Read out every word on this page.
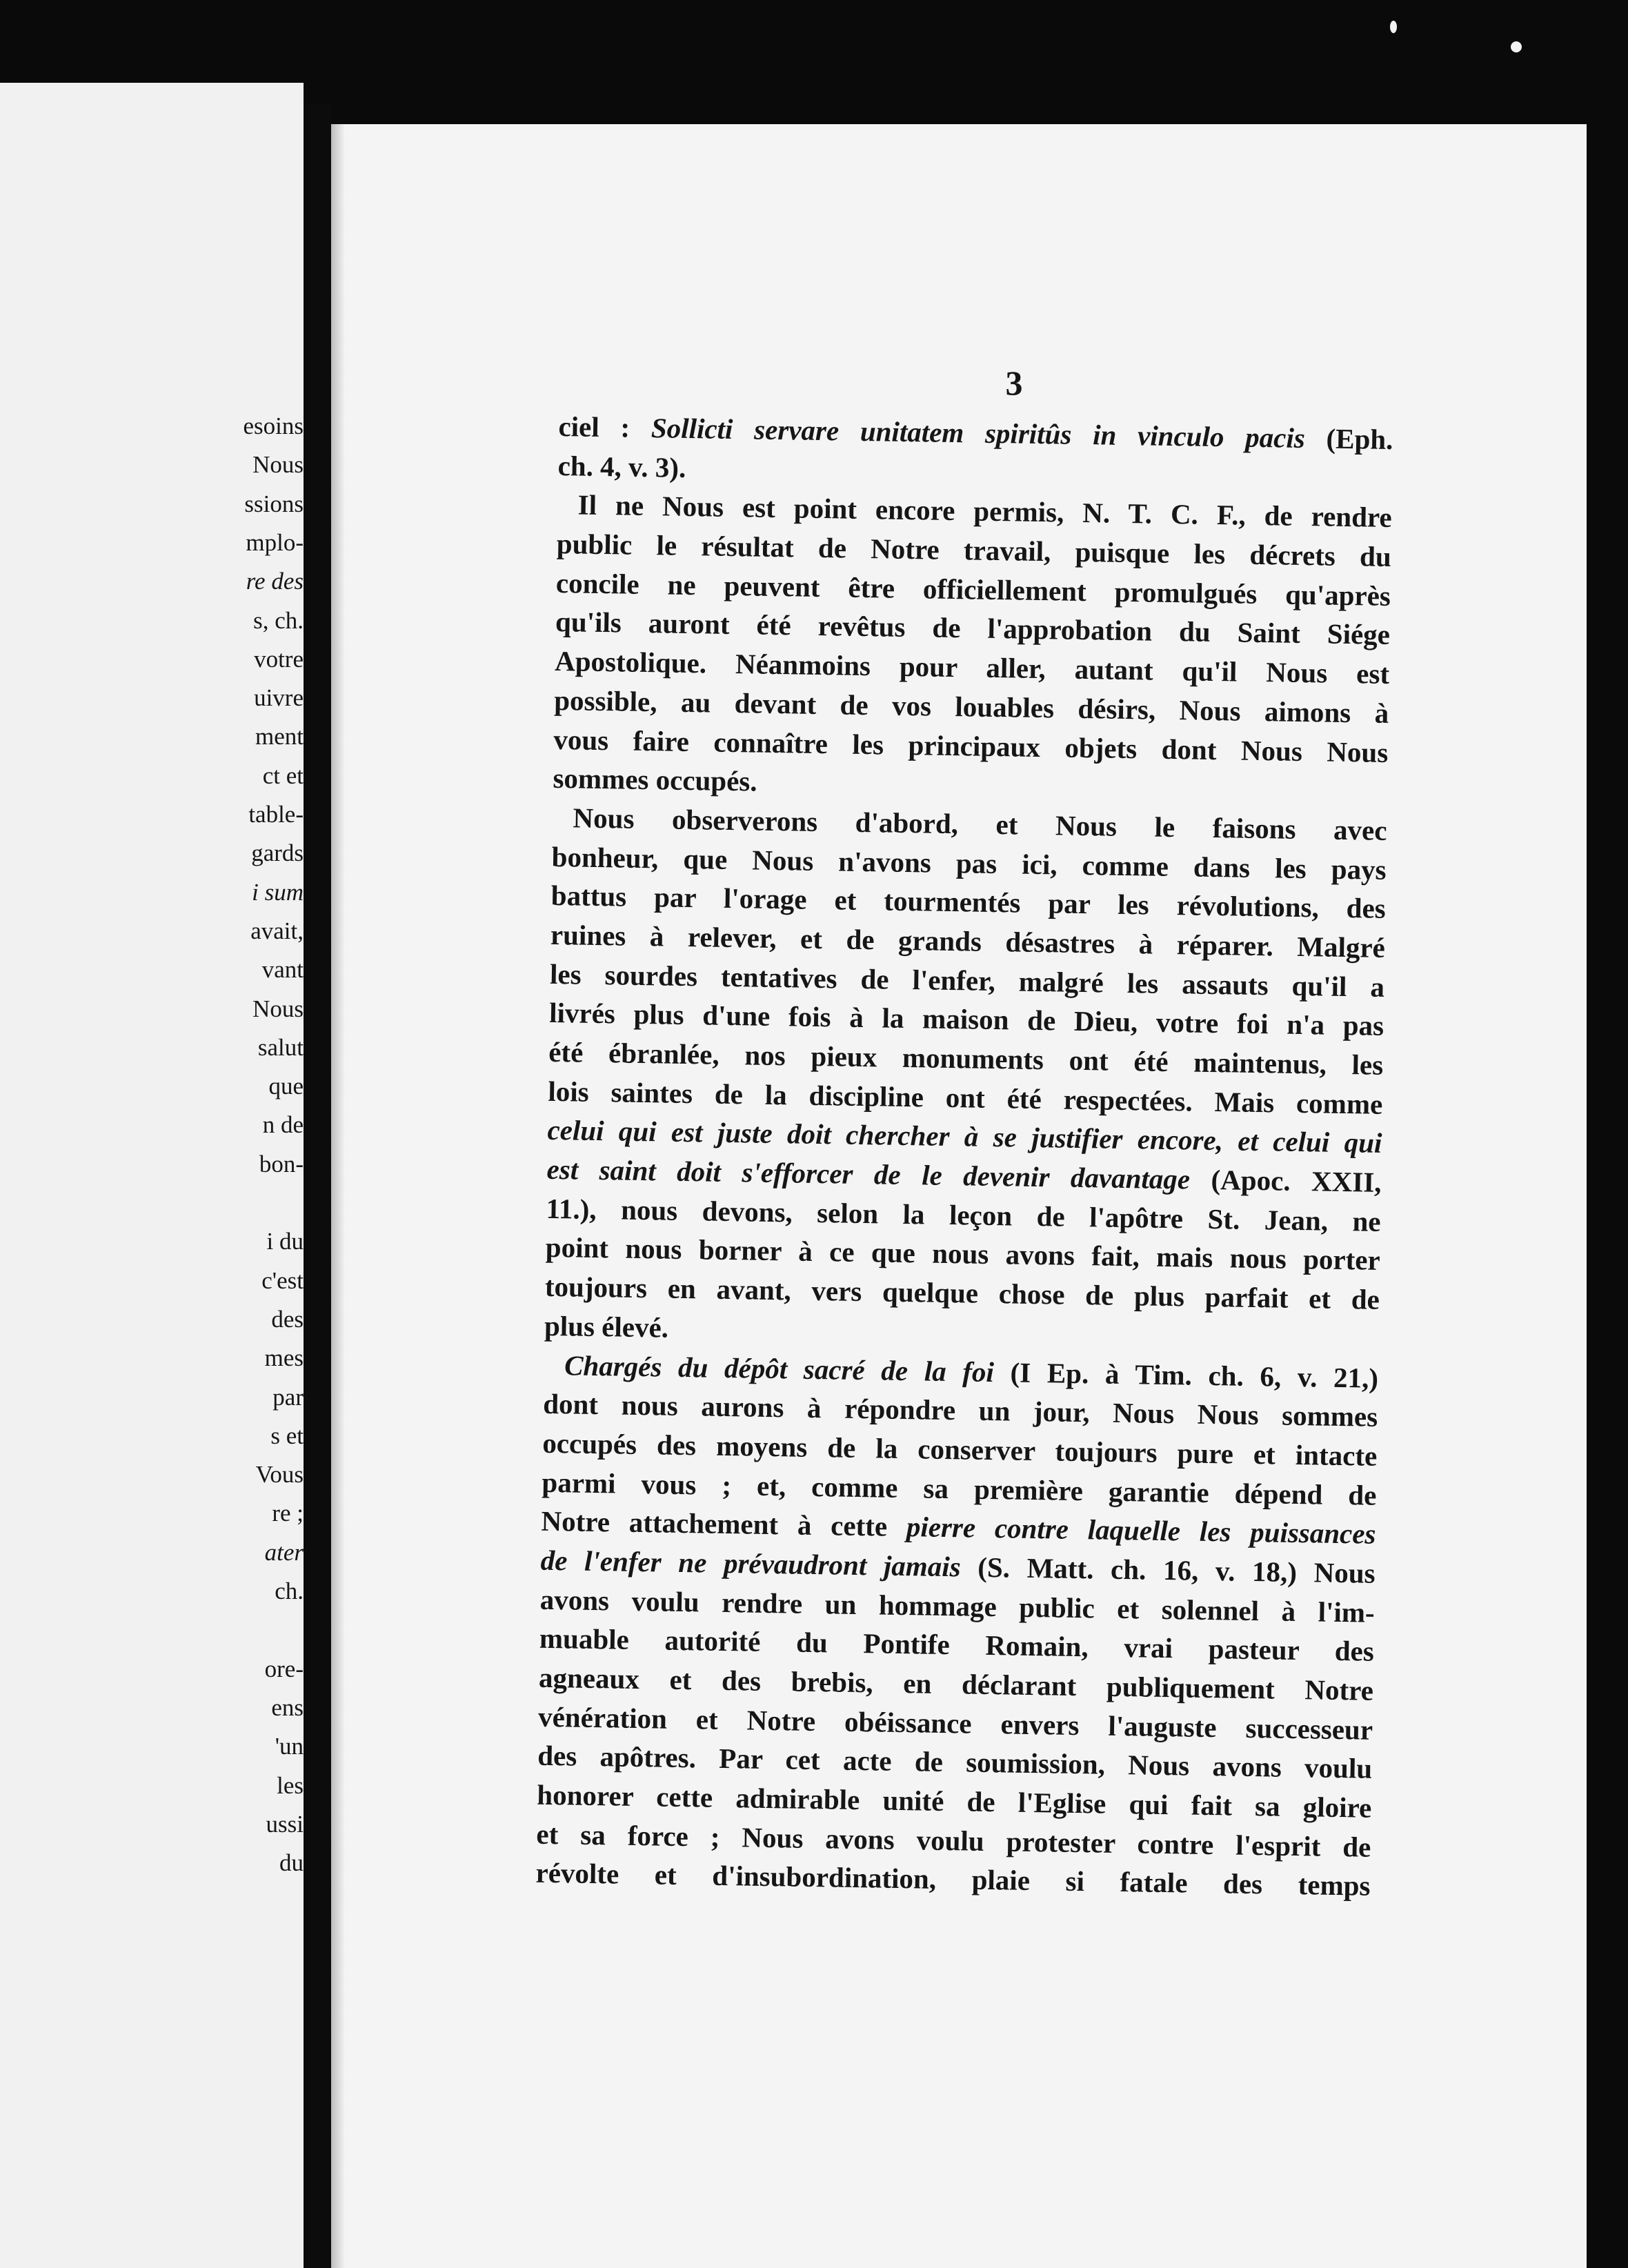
esoins
Nous
ssions
mplo-
re des
s, ch.
votre
uivre
ment
ct et
table-
gards
i sum
avait,
vant
Nous
salut
que
n de
bon-
i du
c'est
des
mes
par
s et
Vous
re ;
ater
ch.
ore-
ens
'un
les
ussi
du
3
ciel : Sollicti servare unitatem spiritûs in vinculo pacis (Eph.
ch. 4, v. 3).
Il ne Nous est point encore permis, N. T. C. F., de rendre
public le résultat de Notre travail, puisque les décrets du
concile ne peuvent être officiellement promulgués qu'après
qu'ils auront été revêtus de l'approbation du Saint Siége
Apostolique. Néanmoins pour aller, autant qu'il Nous est
possible, au devant de vos louables désirs, Nous aimons à
vous faire connaître les principaux objets dont Nous Nous
sommes occupés.
Nous observerons d'abord, et Nous le faisons avec
bonheur, que Nous n'avons pas ici, comme dans les pays
battus par l'orage et tourmentés par les révolutions, des
ruines à relever, et de grands désastres à réparer. Malgré
les sourdes tentatives de l'enfer, malgré les assauts qu'il a
livrés plus d'une fois à la maison de Dieu, votre foi n'a pas
été ébranlée, nos pieux monuments ont été maintenus, les
lois saintes de la discipline ont été respectées. Mais comme
celui qui est juste doit chercher à se justifier encore, et celui qui
est saint doit s'efforcer de le devenir davantage (Apoc. XXII,
11.), nous devons, selon la leçon de l'apôtre St. Jean, ne
point nous borner à ce que nous avons fait, mais nous porter
toujours en avant, vers quelque chose de plus parfait et de
plus élevé.
Chargés du dépôt sacré de la foi (I Ep. à Tim. ch. 6, v. 21,)
dont nous aurons à répondre un jour, Nous Nous sommes
occupés des moyens de la conserver toujours pure et intacte
parmi vous ; et, comme sa première garantie dépend de
Notre attachement à cette pierre contre laquelle les puissances
de l'enfer ne prévaudront jamais (S. Matt. ch. 16, v. 18,) Nous
avons voulu rendre un hommage public et solennel à l'im-
muable autorité du Pontife Romain, vrai pasteur des
agneaux et des brebis, en déclarant publiquement Notre
vénération et Notre obéissance envers l'auguste successeur
des apôtres. Par cet acte de soumission, Nous avons voulu
honorer cette admirable unité de l'Eglise qui fait sa gloire
et sa force ; Nous avons voulu protester contre l'esprit de
révolte et d'insubordination, plaie si fatale des temps
